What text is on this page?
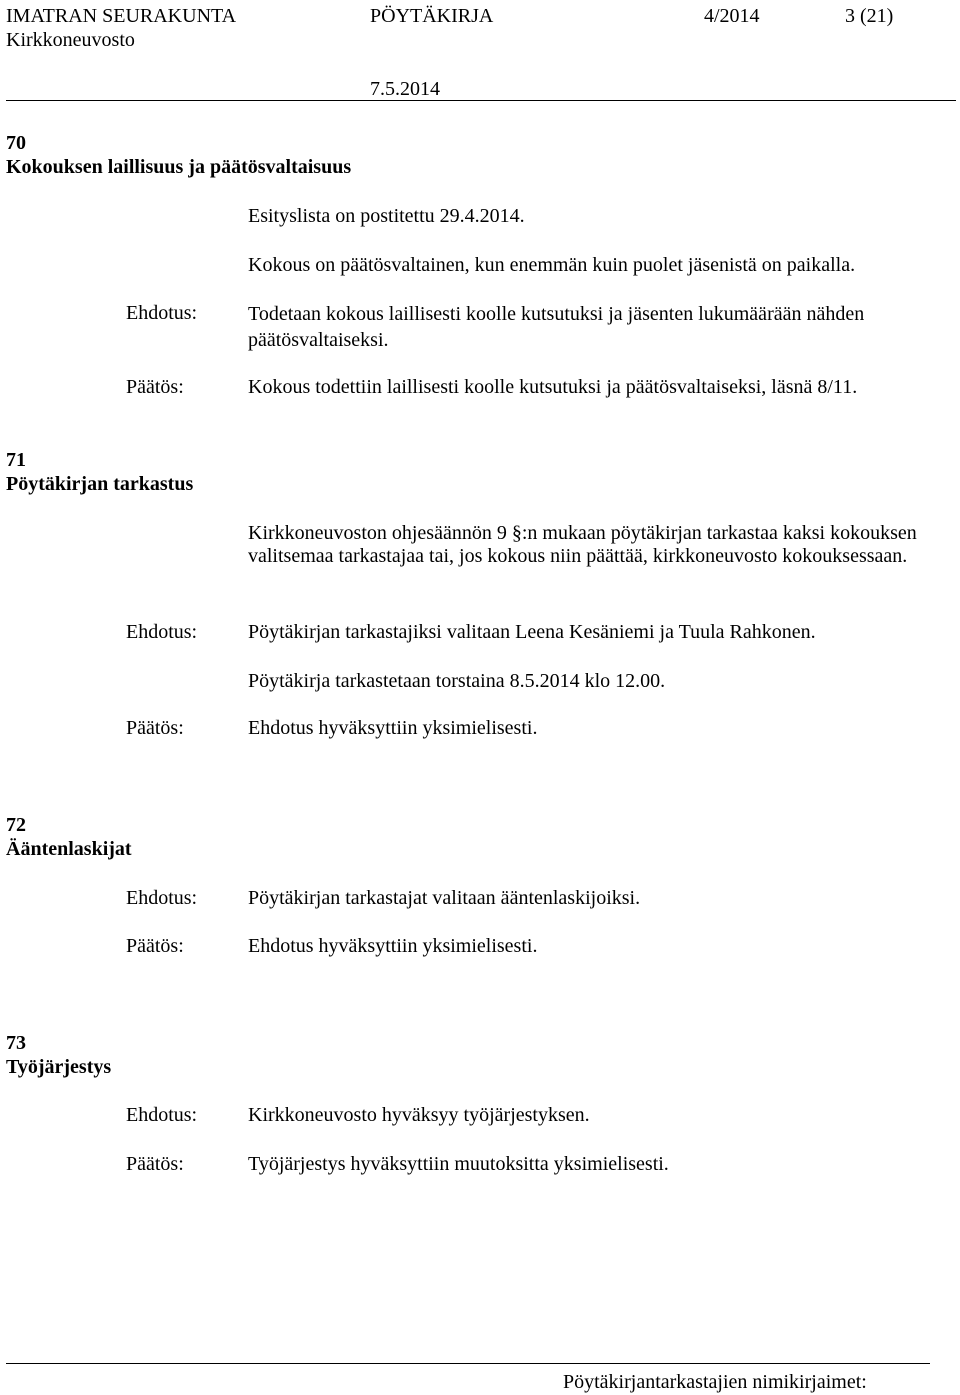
IMATRAN SEURAKUNTA	PÖYTÄKIRJA	4/2014	3 (21)
Kirkkoneuvosto
7.5.2014
70
Kokouksen laillisuus ja päätösvaltaisuus
Esityslista on postitettu 29.4.2014.
Kokous on päätösvaltainen, kun enemmän kuin puolet jäsenistä on paikalla.
Ehdotus:	Todetaan kokous laillisesti koolle kutsutuksi ja jäsenten lukumäärään nähden päätösvaltaiseksi.
Päätös:	Kokous todettiin laillisesti koolle kutsutuksi ja päätösvaltaiseksi, läsnä 8/11.
71
Pöytäkirjan tarkastus
Kirkkoneuvoston ohjesäännön 9 §:n mukaan pöytäkirjan tarkastaa kaksi kokouksen valitsemaa tarkastajaa tai, jos kokous niin päättää, kirkkoneuvosto kokouksessaan.
Ehdotus:	Pöytäkirjan tarkastajiksi valitaan Leena Kesäniemi ja Tuula Rahkonen.
Pöytäkirja tarkastetaan torstaina 8.5.2014 klo 12.00.
Päätös:	Ehdotus hyväksyttiin yksimielisesti.
72
Ääntenlaskijat
Ehdotus:	Pöytäkirjan tarkastajat valitaan ääntenlaskijoiksi.
Päätös:	Ehdotus hyväksyttiin yksimielisesti.
73
Työjärjestys
Ehdotus:	Kirkkoneuvosto hyväksyy työjärjestyksen.
Päätös:	Työjärjestys hyväksyttiin muutoksitta yksimielisesti.
Pöytäkirjantarkastajien nimikirjaimet:
